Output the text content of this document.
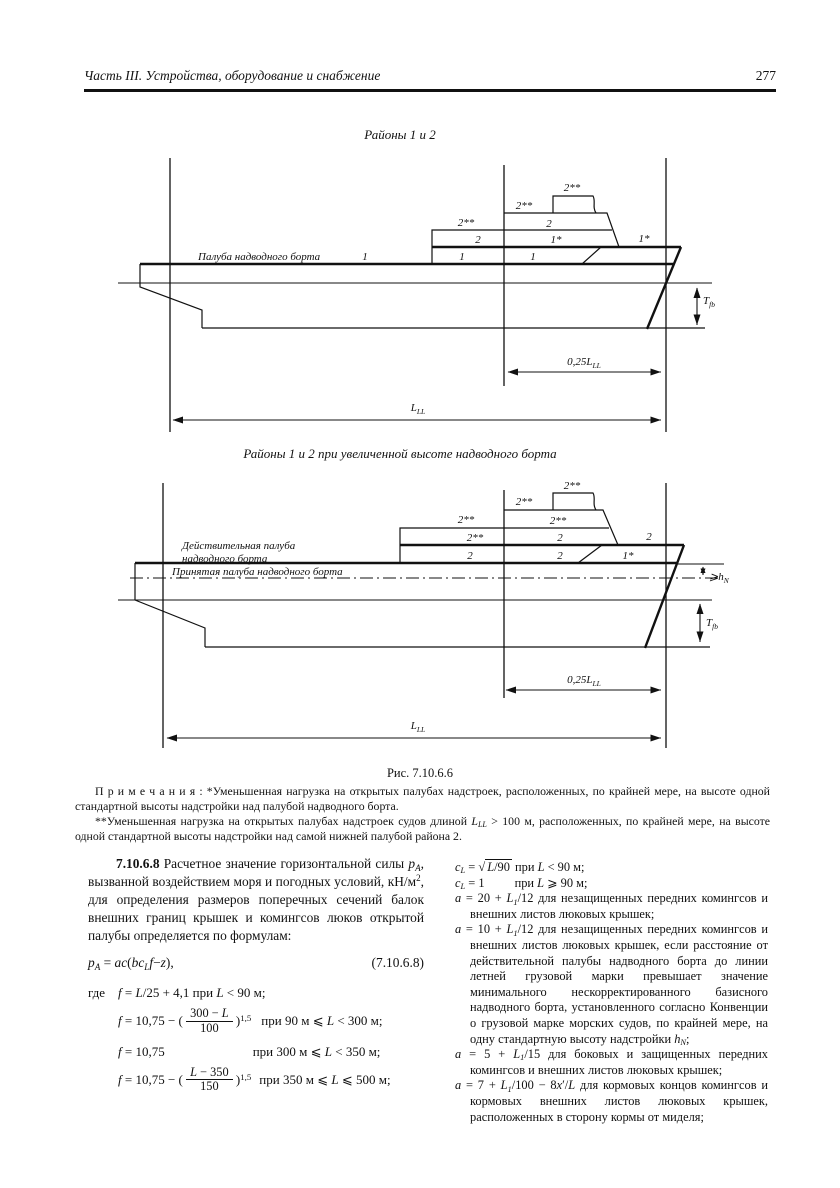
Часть III. Устройства, оборудование и снабжение	277
Районы 1 и 2
Палуба надводного борта	1	1	1
2	1*	1*
2
2**
2**
2**
$T_{fb}$
$0,25L_{LL}$
$L_{LL}$
Районы 1 и 2 при увеличенной высоте надводного борта
Действительная палуба
надводного борта
Принятая палуба надводного борта
2	2	1*
2**	2	2
2**
2**
2**
2**
$⩾h_N$
$T_{fb}$
$0,25L_{LL}$
$L_{LL}$
Рис. 7.10.6.6

П р и м е ч а н и я : *Уменьшенная нагрузка на открытых палубах надстроек, расположенных, по крайней мере, на высоте одной стандартной высоты надстройки над палубой надводного борта.

**Уменьшенная нагрузка на открытых палубах надстроек судов длиной $L_{LL} > 100$ м, расположенных, по крайней мере, на высоте одной стандартной высоты надстройки над самой нижней палубой района 2.

7.10.6.8 Расчетное значение горизонтальной силы $p_A$, вызванной воздействием моря и погодных условий, $кН/м^2$, для определения размеров поперечных сечений балок внешних границ крышек и комингсов люков открытой палубы определяется по формулам:
$p_A = ac(bc_Lf-z)$,	(7.10.6.8)
где f = L/25 + 4,1 при L < 90 м;
f = 10,75 − ( $\frac{300 - L}{100} )^{1,5}$ при 90 м ⩽ L < 300 м;
f = 10,75	при 300 м ⩽ L < 350 м;
f = 10,75 − ( $\frac{L - 350}{150} )^{1,5}$ при 350 м ⩽ L ⩽ 500 м;
$c_L$ = √ L/90 при L < 90 м;
$c_L = 1$ при L ⩾ 90 м;
$a = 20 + L_1/12$ для незащищенных передних комингсов и внешних листов люковых крышек;
$a = 10 + L_1/12$ для незащищенных передних комингсов и внешних листов люковых крышек, если расстояние от действительной палубы надводного борта до линии летней грузовой марки превышает значение минимального нескорректированного базисного надводного борта, установленного согласно Конвенции о грузовой марке морских судов, по крайней мере, на одну стандартную высоту надстройки $h_N$;
$a = 5 + L_1/15$ для боковых и защищенных передних комингсов и внешних листов люковых крышек;
$a = 7 + L_1/100 - 8x'/L$ для кормовых концов комингсов и кормовых внешних листов люковых крышек, расположенных в сторону кормы от миделя;
